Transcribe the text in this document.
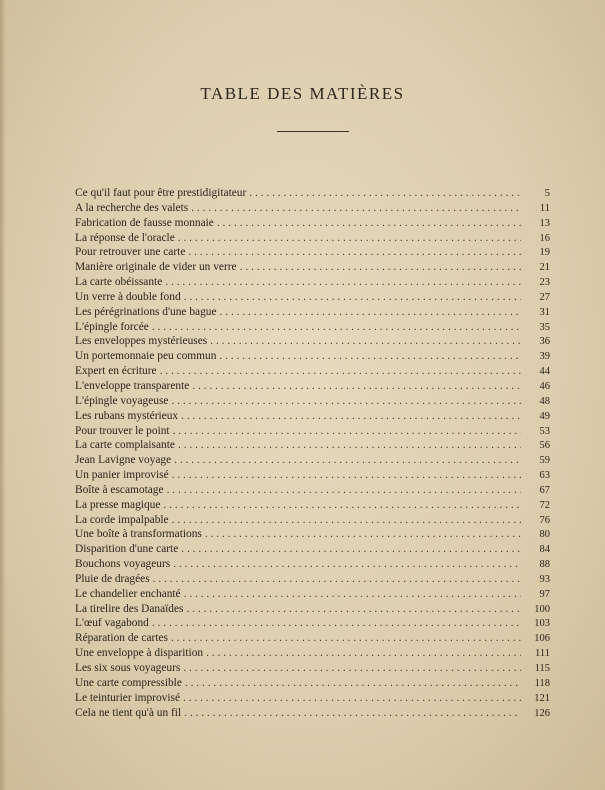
TABLE DES MATIÈRES
Ce qu'il faut pour être prestidigitateur . . .	5
A la recherche des valets . . .	11
Fabrication de fausse monnaie . . .	13
La réponse de l'oracle . . .	16
Pour retrouver une carte . . .	19
Manière originale de vider un verre . . .	21
La carte obéissante . . .	23
Un verre à double fond . . .	27
Les pérégrinations d'une bague . . .	31
L'épingle forcée . . .	35
Les enveloppes mystérieuses . . .	36
Un portemonnaie peu commun . . .	39
Expert en écriture . . .	44
L'enveloppe transparente . . .	46
L'épingle voyageuse . . .	48
Les rubans mystérieux . . .	49
Pour trouver le point . . .	53
La carte complaisante . . .	56
Jean Lavigne voyage . . .	59
Un panier improvisé . . .	63
Boîte à escamotage . . .	67
La presse magique . . .	72
La corde impalpable . . .	76
Une boîte à transformations . . .	80
Disparition d'une carte . . .	84
Bouchons voyageurs . . .	88
Pluie de dragées . . .	93
Le chandelier enchanté . . .	97
La tirelire des Danaïdes . . .	100
L'œuf vagabond . . .	103
Réparation de cartes . . .	106
Une enveloppe à disparition . . .	111
Les six sous voyageurs . . .	115
Une carte compressible . . .	118
Le teinturier improvisé . . .	121
Cela ne tient qu'à un fil . . .	126
